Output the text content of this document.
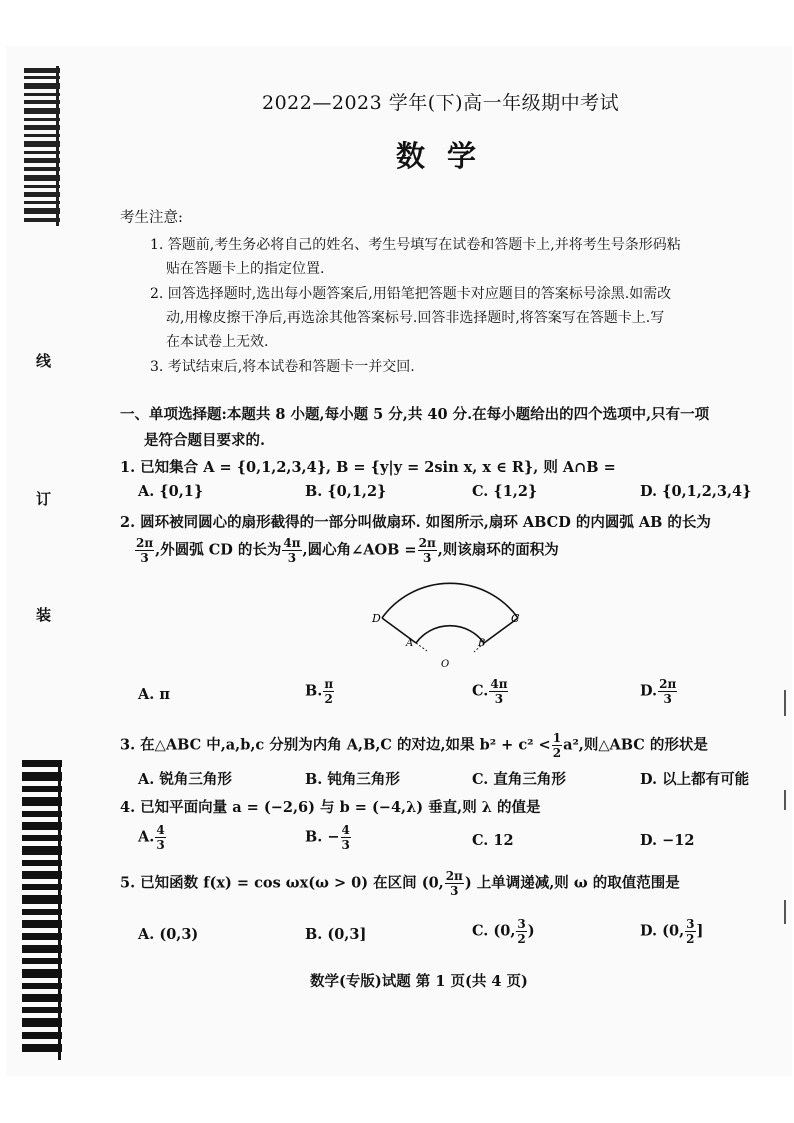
线
订
装
2022—2023 学年(下)高一年级期中考试
数学
考生注意:
1. 答题前,考生务必将自己的姓名、考生号填写在试卷和答题卡上,并将考生号条形码粘
贴在答题卡上的指定位置.
2. 回答选择题时,选出每小题答案后,用铅笔把答题卡对应题目的答案标号涂黑.如需改
动,用橡皮擦干净后,再选涂其他答案标号.回答非选择题时,将答案写在答题卡上.写
在本试卷上无效.
3. 考试结束后,将本试卷和答题卡一并交回.
一、单项选择题:本题共 8 小题,每小题 5 分,共 40 分.在每小题给出的四个选项中,只有一项
是符合题目要求的.
1. 已知集合 A = {0,1,2,3,4}, B = {y|y = 2sin x, x ∈ R}, 则 A∩B =
A. {0,1}	B. {0,1,2}	C. {1,2}	D. {0,1,2,3,4}
2. 圆环被同圆心的扇形截得的一部分叫做扇环. 如图所示,扇环 ABCD 的内圆弧 AB 的长为
$\frac{2\pi}{3}$ ,外圆弧 CD 的长为 $\frac{4\pi}{3}$ ,圆心角∠AOB = $\frac{2\pi}{3}$ ,则该扇环的面积为
D	C
A	B
O
A. π	B. $\frac{\pi}{2}$	C. $\frac{4\pi}{3}$	D. $\frac{2\pi}{3}$
3. 在△ABC 中,a,b,c 分别为内角 A,B,C 的对边,如果 $b^2 + c^2 < \frac{1}{2} a^2$,则△ABC 的形状是
A. 锐角三角形	B. 钝角三角形	C. 直角三角形	D. 以上都有可能
4. 已知平面向量 a = (−2,6) 与 b = (−4,λ) 垂直,则 λ 的值是
A. $\frac{4}{3}$	B. − $\frac{4}{3}$	C. 12	D. −12
5. 已知函数 f(x) = cos ωx(ω > 0) 在区间 (0, $\frac{2\pi}{3}$ ) 上单调递减,则 ω 的取值范围是
A. (0,3)	B. (0,3]	C. (0, $\frac{3}{2}$ )	D. (0, $\frac{3}{2}$ ]
数学(专版)试题 第 1 页(共 4 页)
